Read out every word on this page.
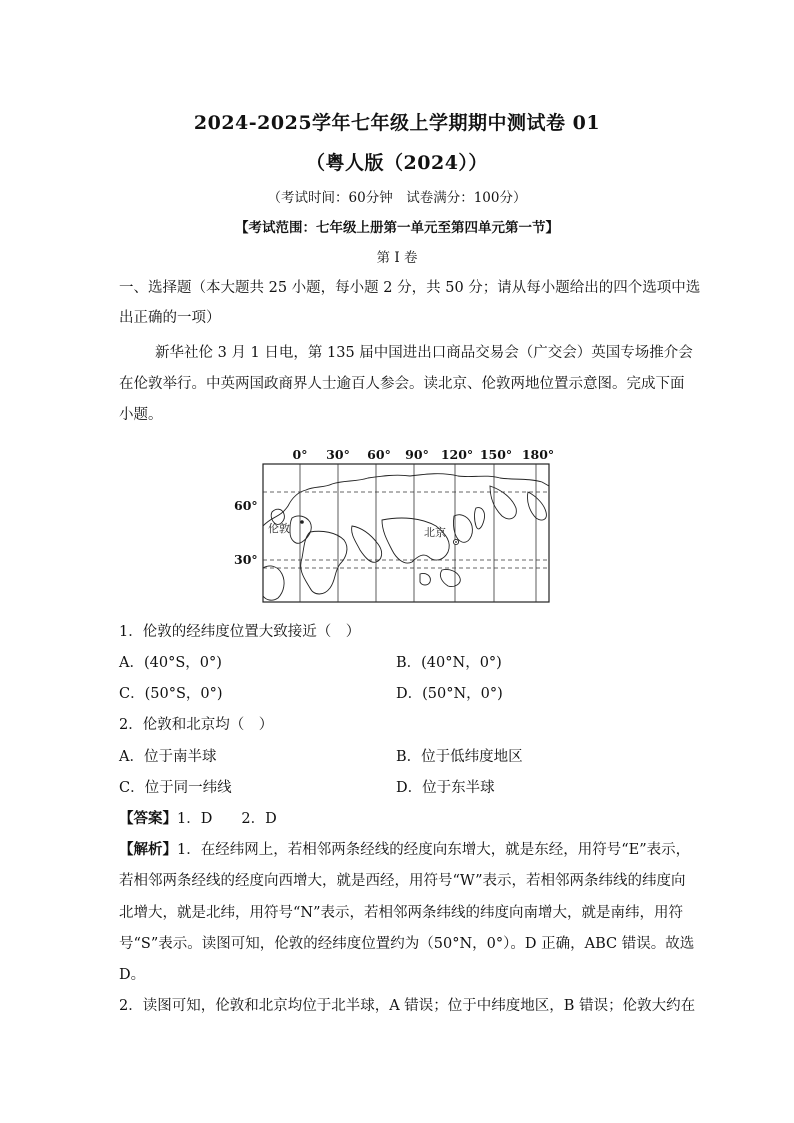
2024-2025学年七年级上学期期中测试卷 01
（粤人版（2024））
（考试时间：60分钟　试卷满分：100分）
【考试范围：七年级上册第一单元至第四单元第一节】
第 I 卷
一、选择题（本大题共 25 小题，每小题 2 分，共 50 分；请从每小题给出的四个选项中选
出正确的一项）
新华社伦 3 月 1 日电，第 135 届中国进出口商品交易会（广交会）英国专场推介会
在伦敦举行。中英两国政商界人士逾百人参会。读北京、伦敦两地位置示意图。完成下面
小题。
0° 30° 60° 90° 120° 150° 180°
60°
30°
伦敦	北京
1．伦敦的经纬度位置大致接近（　）
A．(40°S，0°)	B．(40°N，0°)
C．(50°S，0°)	D．(50°N，0°)
2．伦敦和北京均（　）
A．位于南半球	B．位于低纬度地区
C．位于同一纬线	D．位于东半球
【答案】1．D　　2．D
【解析】1．在经纬网上，若相邻两条经线的经度向东增大，就是东经，用符号“E”表示，
若相邻两条经线的经度向西增大，就是西经，用符号“W”表示，若相邻两条纬线的纬度向
北增大，就是北纬，用符号“N”表示，若相邻两条纬线的纬度向南增大，就是南纬，用符
号“S”表示。读图可知，伦敦的经纬度位置约为（50°N，0°）。D 正确，ABC 错误。故选
D。
2．读图可知，伦敦和北京均位于北半球，A 错误；位于中纬度地区，B 错误；伦敦大约在
